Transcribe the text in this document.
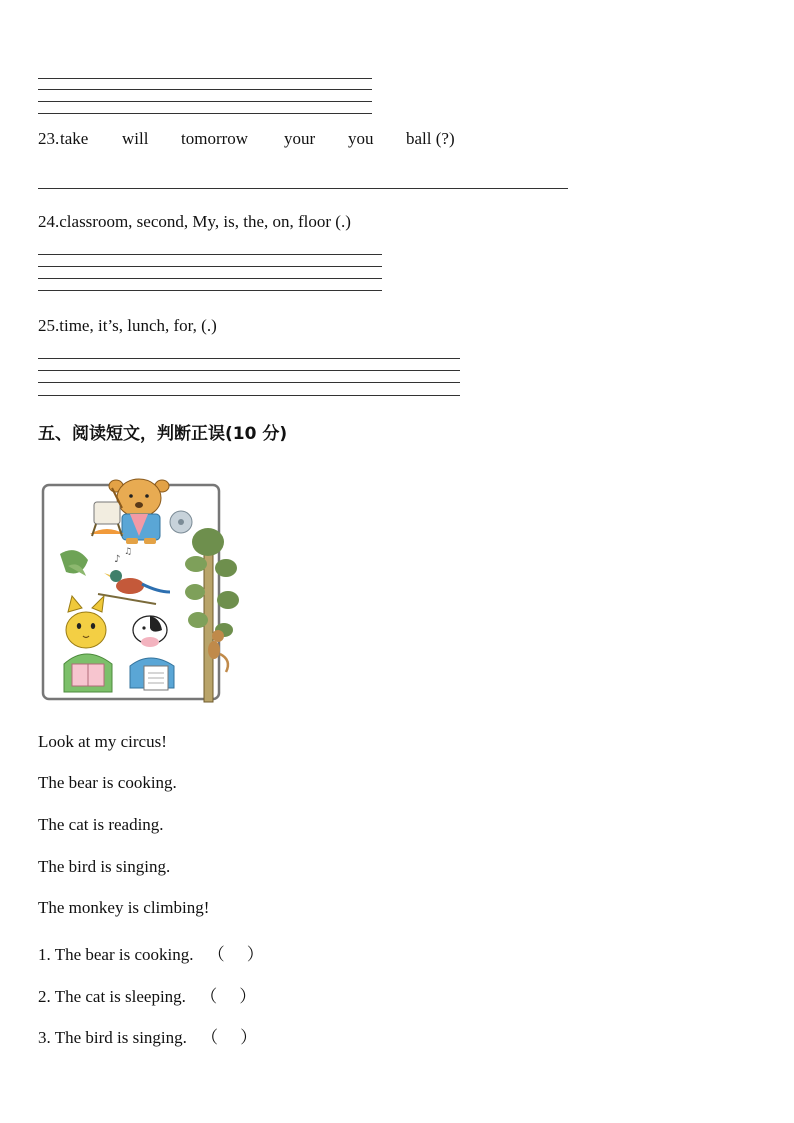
23. take will tomorrow your you ball (?)
24.classroom, second, My, is, the, on, floor (.)
25.time, it’s, lunch, for, (.)
五、阅读短文，判断正误(10 分)
♪
♫
Look at my circus!
The bear is cooking.
The cat is reading.
The bird is singing.
The monkey is climbing!
1. The bear is cooking. （ ）
2. The cat is sleeping. （ ）
3. The bird is singing. （ ）
